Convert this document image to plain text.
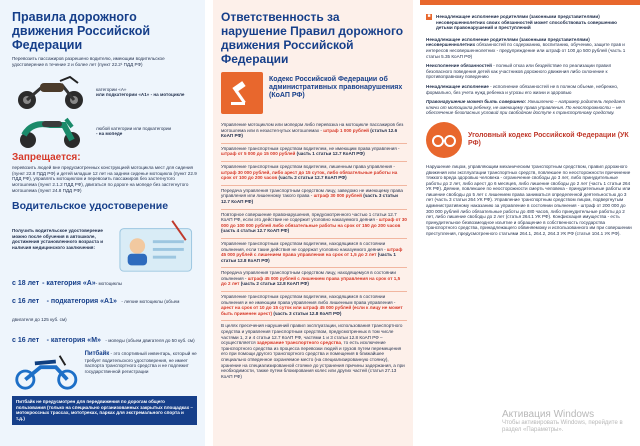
Правила дорожного движения Российской Федерации
Перевозить пассажиров разрешено водителю, имеющим водительское удостоверение в течение 2 и более лет (пункт 22.2¹ ПДД РФ)
категории «А»
или подкатегории «А1» - на мотоцикле
любой категории или подкатегории
- на мопеде
Запрещается:
перевозить людей вне предусмотренных конструкцией мотоцикла мест для сидения (пункт 22.8 ПДД РФ) и детей младше 12 лет на заднем сиденье мотоцикла (пункт 22.9 ПДД РФ), управлять мотоциклом и перевозить пассажиров без застегнутого мотошлема (пункт 2.1.2 ПДД РФ), двигаться по дороге на мопеде без застегнутого мотошлема (пункт 24.8 ПДД РФ)
Водительское удостоверение
Получить водительское удостоверение можно после обучения в автошколе, достижения установленного возраста и наличия медицинского заключения:
с 18 лет - категория «А» - мотоциклы
с 16 лет - подкатегория «А1» - легкие мотоциклы (объем двигателя до 125 куб. см)
с 16 лет - категория «М» - мопеды (объем двигателя до 50 куб. см)
Питбайк - это спортивный инвентарь, который не требует водительского удостоверения, не имеет паспорта транспортного средства и не подлежит государственной регистрации
Питбайк не предусмотрен для передвижения по дорогам общего пользования (только на специально организованных закрытых площадках – мотокроссных трассах, мототреках, парках для экстремального спорта и т.д.)
Ответственность за нарушение Правил дорожного движения Российской Федерации
Кодекс Российской Федерации об административных правонарушениях (КоАП РФ)
Управление мотоциклом или мопедом либо перевозка на мотоцикле пассажиров без мотошлема или в незастегнутых мотошлемах - штраф 1 000 рублей (статья 12.6 КоАП РФ)
Управление транспортным средством водителем, не имеющим права управления - штраф от 5 000 до 15 000 рублей (часть 1 статьи 12.7 КоАП РФ)
Управление транспортным средством водителем, лишенным права управления - штраф 30 000 рублей, либо арест до 15 суток, либо обязательные работы на срок от 100 до 200 часов (часть 2 статьи 12.7 КоАП РФ)
Передача управления транспортным средством лицу, заведомо не имеющему права управления или лишенному такого права - штраф 30 000 рублей (часть 3 статьи 12.7 КоАП РФ)
Повторное совершение правонарушения, предусмотренного частью 1 статьи 12.7 КоАП РФ, если это действие не содержит уголовно наказуемого деяния - штраф от 30 000 до 100 000 рублей либо обязательные работы на срок от 150 до 200 часов (часть 4 статьи 12.7 КоАП РФ)
Управление транспортным средством водителем, находящимся в состоянии опьянения, если такие действия не содержат уголовно наказуемого деяния - штраф 45 000 рублей с лишением права управления на срок от 1,5 до 2 лет (часть 1 статьи 12.8 КоАП РФ)
Передача управления транспортным средством лицу, находящемуся в состоянии опьянения - штраф 45 000 рублей с лишением права управления на срок от 1,5 до 2 лет (часть 2 статьи 12.8 КоАП РФ)
Управление транспортным средством водителем, находящимся в состоянии опьянения и не имеющим права управления либо лишенным права управления - арест на срок от 10 до 15 суток или штраф 45 000 рублей (если к лицу не может быть применен арест) (часть 3 статьи 12.8 КоАП РФ)
В целях пресечения нарушений правил эксплуатации, использования транспортного средства и управления транспортным средством, предусмотренных в том числе частями 1, 2 и 4 статьи 12.7 КоАП РФ, частями 1 и 3 статьи 12.8 КоАП РФ – осуществляется задержание транспортного средства, то есть исключение транспортного средства из процесса перевозки людей и грузов путем перемещения его при помощи другого транспортного средства и помещения в ближайшее специально отведенное охраняемое место (на специализированную стоянку), хранение на специализированной стоянке до устранения причины задержания, а при необходимости, также путем блокирования колес или других частей (статья 27.13 КоАП РФ)
■	Ненадлежащее исполнение родителями (законными представителями) несовершеннолетних своих обязанностей может способствовать совершению детьми правонарушений и преступлений
Ненадлежащее исполнение родителями (законными представителями) несовершеннолетних обязанностей по содержанию, воспитанию, обучению, защите прав и интересов несовершеннолетних - предупреждение или штраф от 100 до 500 рублей (часть 1 статьи 5.35 КоАП РФ)
Неисполнение обязанностей - полный отказ или бездействие по реализации правил безопасного поведения детей как участников дорожного движения либо склонение к противоправному поведению
Ненадлежащее исполнение - исполнение обязанностей не в полном объеме, небрежно, формально, без учета нужд ребенка и угрозы его жизни и здоровью
Правонарушение может быть совершено: Умышленно – например родитель передает ключи от мотоцикла ребенку, не имеющему права управления. По неосторожности – не обеспечение безопасных условий при свободном доступе к транспортному средству.
Уголовный кодекс Российской Федерации (УК РФ)
Нарушение лицом, управляющим механическим транспортным средством, правил дорожного движения или эксплуатации транспортных средств, повлекшее по неосторожности причинение тяжкого вреда здоровью человека - ограничение свободы до 3 лет, либо принудительные работы до 2 лет, либо арест до 6 месяцев, либо лишение свободы до 2 лет (часть 1 статьи 264 УК РФ). Деяние, повлекшее по неосторожности смерть человека - принудительные работы или лишение свободы до 5 лет с лишением права заниматься определенной деятельностью до 3 лет (часть 3 статьи 264 УК РФ). Управление транспортным средством лицом, подвергнутым административному наказанию за управление в состоянии опьянения - штраф от 200 000 до 300 000 рублей либо обязательные работы до 480 часов, либо принудительные работы до 2 лет, либо лишение свободы до 2 лет (статья 264.1 УК РФ). Конфискация имущества - есть принудительное безвозмездное изъятие и обращение в собственность государства транспортного средства, принадлежащего обвиняемому и использованного им при совершении преступления, предусмотренного статьями 264.1, 264.2, 264.3 УК РФ (статья 104.1 УК РФ).
Активация Windows
Чтобы активировать Windows, перейдите в раздел «Параметры».
